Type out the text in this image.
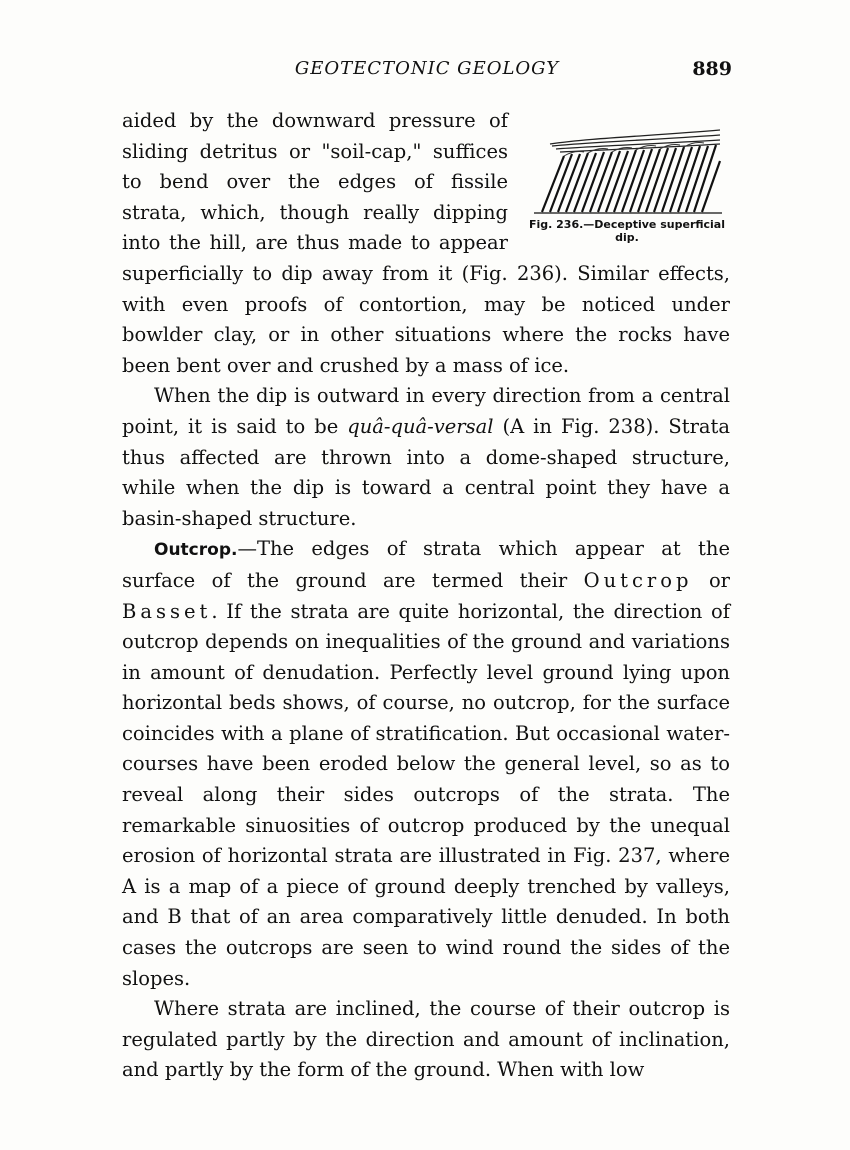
GEOTECTONIC GEOLOGY	889
Fig. 236.—Deceptive superficial dip.

aided by the downward pressure of sliding detritus or "soil-cap," suffices to bend over the edges of fissile strata, which, though really dipping into the hill, are thus made to appear superficially to dip away from it (Fig. 236). Similar effects, with even proofs of contortion, may be noticed under bowlder clay, or in other situations where the rocks have been bent over and crushed by a mass of ice.

When the dip is outward in every direction from a central point, it is said to be quâ-quâ-versal (A in Fig. 238). Strata thus affected are thrown into a dome-shaped structure, while when the dip is toward a central point they have a basin-shaped structure.

Outcrop.—The edges of strata which appear at the surface of the ground are termed their Outcrop or Basset. If the strata are quite horizontal, the direction of outcrop depends on inequalities of the ground and variations in amount of denudation. Perfectly level ground lying upon horizontal beds shows, of course, no outcrop, for the surface coincides with a plane of stratification. But occasional water-courses have been eroded below the general level, so as to reveal along their sides outcrops of the strata. The remarkable sinuosities of outcrop produced by the unequal erosion of horizontal strata are illustrated in Fig. 237, where A is a map of a piece of ground deeply trenched by valleys, and B that of an area comparatively little denuded. In both cases the outcrops are seen to wind round the sides of the slopes.

Where strata are inclined, the course of their outcrop is regulated partly by the direction and amount of inclination, and partly by the form of the ground. When with low
